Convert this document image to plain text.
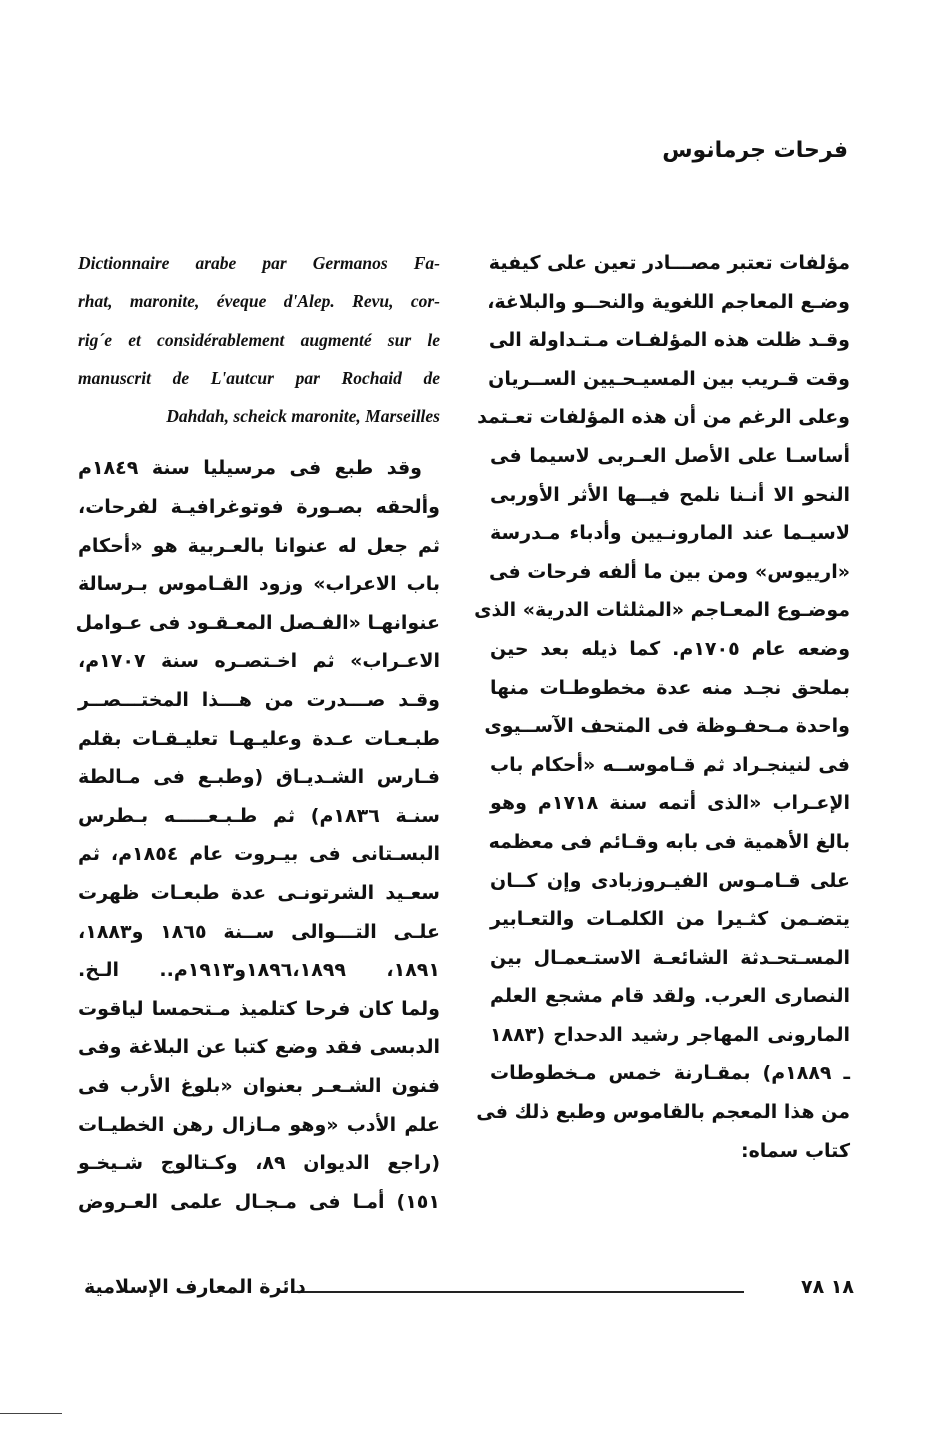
فرحات جرمانوس
مؤلفات تعتبر مصـــادر تعين على كيفية
وضـع المعاجم اللغوية والنحــو والبلاغة،
وقـد ظلت هذه المؤلفـات مـتـداولة الى
وقت قـريب بين المسيـحـيين الســريان
وعلى الرغم من أن هذه المؤلفات تعـتمد
أساسـا على الأصل العـربى لاسيما فى
النحو الا أنـنا نلمح فيــها الأثر الأوربى
لاسيـما عند المارونـيين وأدباء مـدرسة
«ارييوس» ومن بين ما ألفه فرحات فى
موضـوع المعـاجم «المثلثات الدرية» الذى
وضعه عام ١٧٠٥م. كما ذيله بعد حين
بملحق نجـد منه عدة مخطوطـات منها
واحدة مـحفـوظة فى المتحف الآســيوى
فى لنينجـراد ثم قـاموســه «أحكام باب
الإعـراب «الذى أتمه سنة ١٧١٨م وهو
بالغ الأهمية فى بابه وقـائم فى معظمه
على قـامـوس الفيـروزبادى وإن كــان
يتضـمن كثـيرا من الكلمـات والتعـابير
المسـتحـدثة الشائعـة الاستـعمـال بين
النصارى العرب. ولقد قام مشجع العلم
المارونى المهاجر رشيد الدحداح (١٨٨٣
ـ ١٨٨٩م) بمقـارنة خمس مـخطوطات
من هذا المعجم بالقاموس وطبع ذلك فى
كتاب سماه:
Dictionnaire arabe par Germanos Fa-
rhat, maronite, éveque d'Alep. Revu, cor-
rig´e et considérablement augmenté sur le
manuscrit de L'autcur par Rochaid de
Dahdah, scheick maronite, Marseilles
وقد طبع فى مرسيليا سنة ١٨٤٩م
وألحقه بصـورة فوتوغرافيـة لفرحات،
ثم جعل له عنوانا بالعـربية هو «أحكام
باب الاعراب» وزود القـاموس بـرسالة
عنوانهـا «الفـصل المعـقـود فى عـوامل
الاعـراب» ثم اخـتصـره سنة ١٧٠٧م،
وقـد صـــدرت من هـــذا المختـــصــر
طبـعـات عـدة وعليـهـا تعليـقـات بقلم
فـارس الشـديـاق (وطبـع فى مـالطة
سنـة ١٨٣٦م) ثم طـبـعـــــه بـطرس
البسـتانى فى بيـروت عام ١٨٥٤م، ثم
سعـيد الشرتونـى عدة طبعـات ظهرت
علـى التـــوالى ســنة ١٨٦٥ و١٨٨٣،
١٨٩١، ١٨٩٦،١٨٩٩و١٩١٣م.. الـخ.
ولما كان فرحا كتلميذ مـتحمسا لياقوت
الدبسى فقد وضع كتبا عن البلاغة وفى
فنون الشـعـر بعنوان «بلوغ الأرب فى
علم الأدب «وهو مـازال رهن الخطيـات
(راجع الديوان ٨٩، وكـتالوج شـيخـو
١٥١) أمـا فى مـجـال علمى العـروض
١٨ ٧٨
دائرة المعارف الإسلامية
